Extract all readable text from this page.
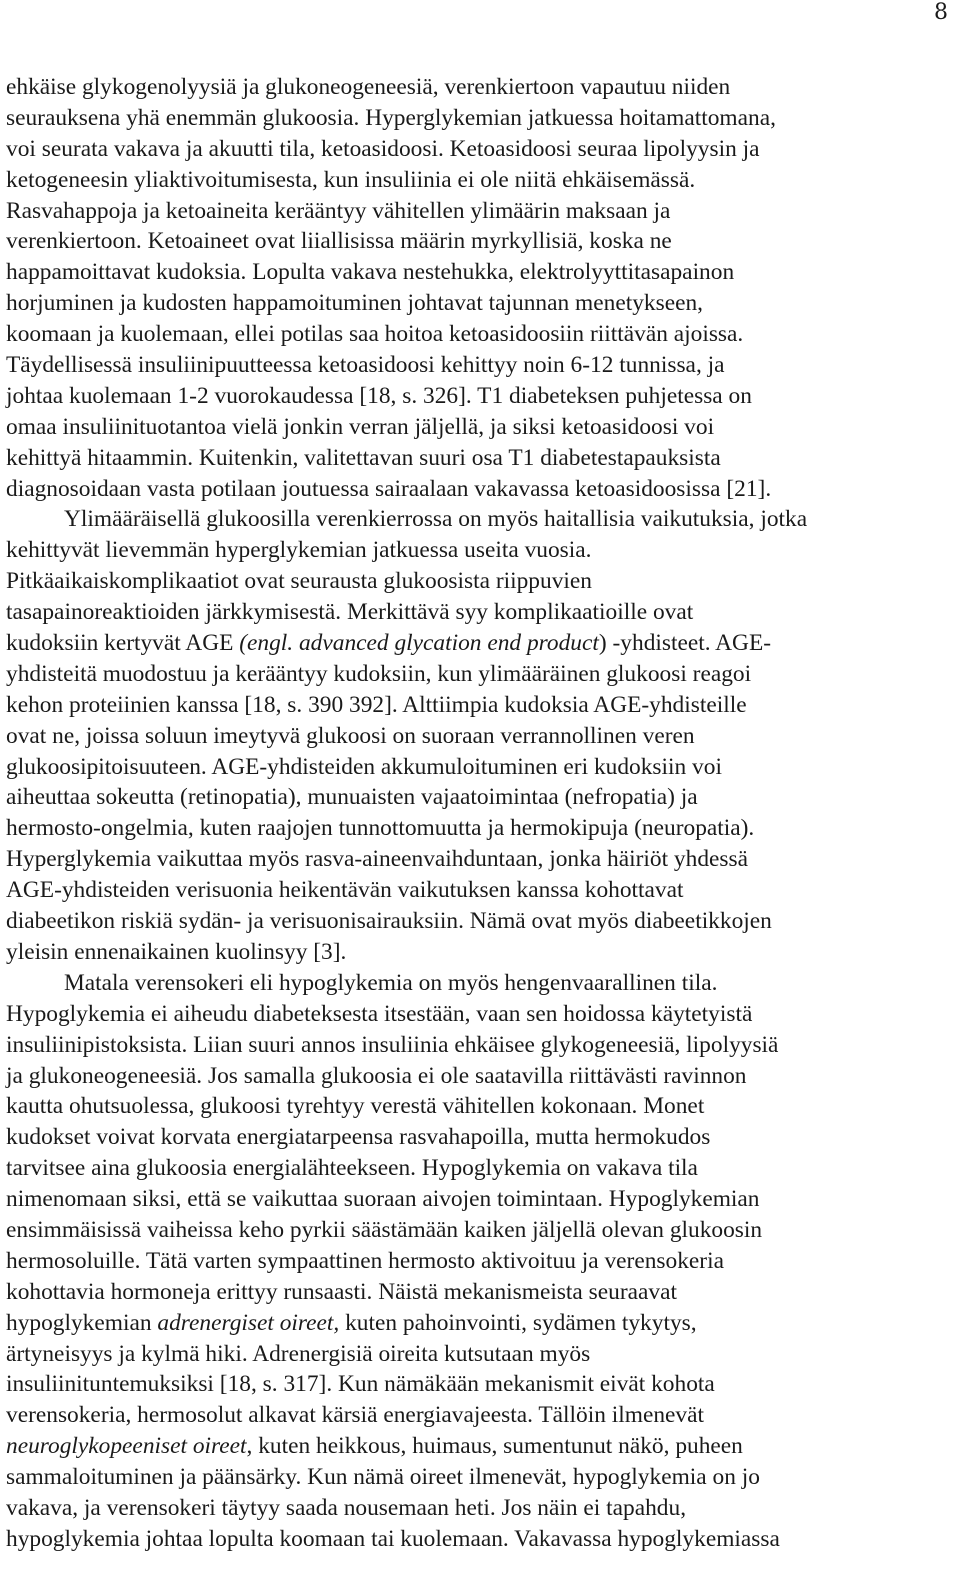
8
ehkäise glykogenolyysiä ja glukoneogeneesiä, verenkiertoon vapautuu niiden
seurauksena yhä enemmän glukoosia. Hyperglykemian jatkuessa hoitamattomana,
voi seurata vakava ja akuutti tila, ketoasidoosi. Ketoasidoosi seuraa lipolyysin ja
ketogeneesin yliaktivoitumisesta, kun insuliinia ei ole niitä ehkäisemässä.
Rasvahappoja ja ketoaineita kerääntyy vähitellen ylimäärin maksaan ja
verenkiertoon. Ketoaineet ovat liiallisissa määrin myrkyllisiä, koska ne
happamoittavat kudoksia. Lopulta vakava nestehukka, elektrolyyttitasapainon
horjuminen ja kudosten happamoituminen johtavat tajunnan menetykseen,
koomaan ja kuolemaan, ellei potilas saa hoitoa ketoasidoosiin riittävän ajoissa.
Täydellisessä insuliinipuutteessa ketoasidoosi kehittyy noin 6-12 tunnissa, ja
johtaa kuolemaan 1-2 vuorokaudessa [18, s. 326]. T1 diabeteksen puhjetessa on
omaa insuliinituotantoa vielä jonkin verran jäljellä, ja siksi ketoasidoosi voi
kehittyä hitaammin. Kuitenkin, valitettavan suuri osa T1 diabetestapauksista
diagnosoidaan vasta potilaan joutuessa sairaalaan vakavassa ketoasidoosissa [21].
Ylimääräisellä glukoosilla verenkierrossa on myös haitallisia vaikutuksia, jotka
kehittyvät lievemmän hyperglykemian jatkuessa useita vuosia.
Pitkäaikaiskomplikaatiot ovat seurausta glukoosista riippuvien
tasapainoreaktioiden järkkymisestä. Merkittävä syy komplikaatioille ovat
kudoksiin kertyvät AGE (engl. advanced glycation end product) -yhdisteet. AGE-
yhdisteitä muodostuu ja kerääntyy kudoksiin, kun ylimääräinen glukoosi reagoi
kehon proteiinien kanssa [18, s. 390 392]. Alttiimpia kudoksia AGE-yhdisteille
ovat ne, joissa soluun imeytyvä glukoosi on suoraan verrannollinen veren
glukoosipitoisuuteen. AGE-yhdisteiden akkumuloituminen eri kudoksiin voi
aiheuttaa sokeutta (retinopatia), munuaisten vajaatoimintaa (nefropatia) ja
hermosto-ongelmia, kuten raajojen tunnottomuutta ja hermokipuja (neuropatia).
Hyperglykemia vaikuttaa myös rasva-aineenvaihduntaan, jonka häiriöt yhdessä
AGE-yhdisteiden verisuonia heikentävän vaikutuksen kanssa kohottavat
diabeetikon riskiä sydän- ja verisuonisairauksiin. Nämä ovat myös diabeetikkojen
yleisin ennenaikainen kuolinsyy [3].
Matala verensokeri eli hypoglykemia on myös hengenvaarallinen tila.
Hypoglykemia ei aiheudu diabeteksesta itsestään, vaan sen hoidossa käytetyistä
insuliinipistoksista. Liian suuri annos insuliinia ehkäisee glykogeneesiä, lipolyysiä
ja glukoneogeneesiä. Jos samalla glukoosia ei ole saatavilla riittävästi ravinnon
kautta ohutsuolessa, glukoosi tyrehtyy verestä vähitellen kokonaan. Monet
kudokset voivat korvata energiatarpeensa rasvahapoilla, mutta hermokudos
tarvitsee aina glukoosia energialähteekseen. Hypoglykemia on vakava tila
nimenomaan siksi, että se vaikuttaa suoraan aivojen toimintaan. Hypoglykemian
ensimmäisissä vaiheissa keho pyrkii säästämään kaiken jäljellä olevan glukoosin
hermosoluille. Tätä varten sympaattinen hermosto aktivoituu ja verensokeria
kohottavia hormoneja erittyy runsaasti. Näistä mekanismeista seuraavat
hypoglykemian adrenergiset oireet, kuten pahoinvointi, sydämen tykytys,
ärtyneisyys ja kylmä hiki. Adrenergisiä oireita kutsutaan myös
insuliinituntemuksiksi [18, s. 317]. Kun nämäkään mekanismit eivät kohota
verensokeria, hermosolut alkavat kärsiä energiavajeesta. Tällöin ilmenevät
neuroglykopeeniset oireet, kuten heikkous, huimaus, sumentunut näkö, puheen
sammaloituminen ja päänsärky. Kun nämä oireet ilmenevät, hypoglykemia on jo
vakava, ja verensokeri täytyy saada nousemaan heti. Jos näin ei tapahdu,
hypoglykemia johtaa lopulta koomaan tai kuolemaan. Vakavassa hypoglykemiassa
